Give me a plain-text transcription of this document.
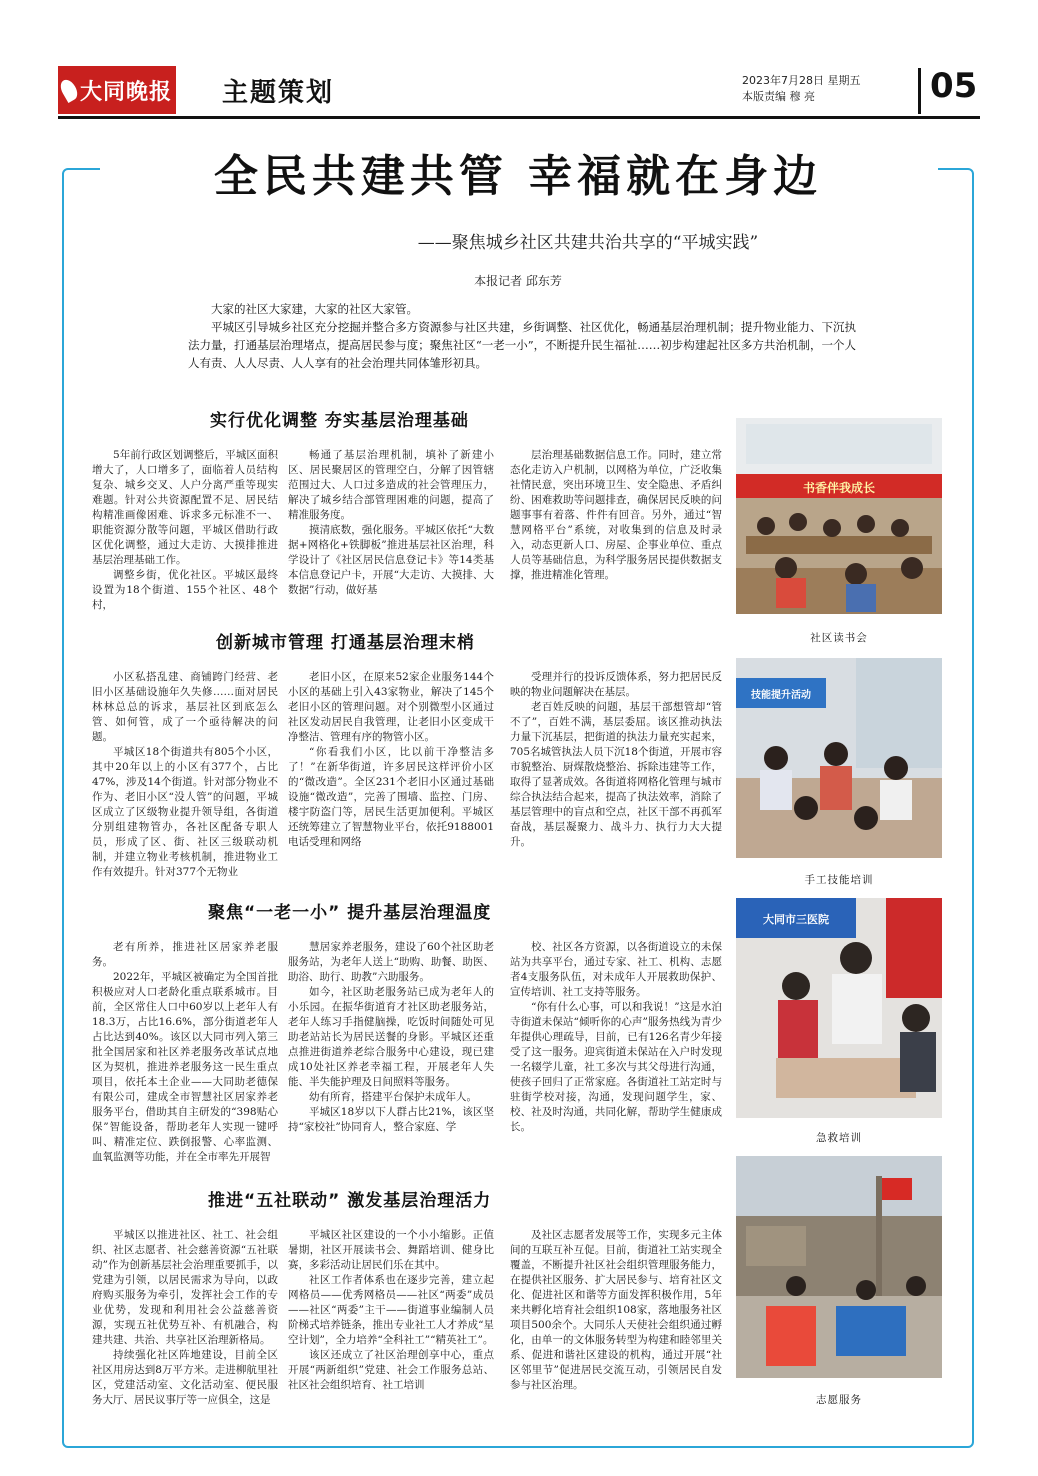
大同晚报 主题策划	2023年7月28日 星期五
本版责编 穆 亮	05
全民共建共管 幸福就在身边
——聚焦城乡社区共建共治共享的“平城实践”
本报记者 邱东芳

大家的社区大家建，大家的社区大家管。

平城区引导城乡社区充分挖掘并整合多方资源参与社区共建，乡街调整、社区优化，畅通基层治理机制；提升物业能力、下沉执法力量，打通基层治理堵点，提高居民参与度；聚焦社区“一老一小”，不断提升民生福祉……初步构建起社区多方共治机制，一个人人有责、人人尽责、人人享有的社会治理共同体雏形初具。

实行优化调整 夯实基层治理基础

5年前行政区划调整后，平城区面积增大了，人口增多了，面临着人员结构复杂、城乡交叉、人户分离严重等现实难题。针对公共资源配置不足、居民结构精准画像困难、诉求多元标准不一、职能资源分散等问题，平城区借助行政区优化调整，通过大走访、大摸排推进基层治理基础工作。

调整乡街，优化社区。平城区最终设置为18个街道、155个社区、48个村，

畅通了基层治理机制，填补了新建小区、居民聚居区的管理空白，分解了因管辖范围过大、人口过多造成的社会管理压力，解决了城乡结合部管理困难的问题，提高了精准服务度。

摸清底数，强化服务。平城区依托“大数据+网格化+铁脚板”推进基层社区治理，科学设计了《社区居民信息登记卡》等14类基本信息登记户卡，开展“大走访、大摸排、大数据”行动，做好基

层治理基础数据信息工作。同时，建立常态化走访入户机制，以网格为单位，广泛收集社情民意，突出环境卫生、安全隐患、矛盾纠纷、困难救助等问题排查，确保居民反映的问题事事有着落、件件有回音。另外，通过“智慧网格平台”系统，对收集到的信息及时录入，动态更新人口、房屋、企事业单位、重点人员等基础信息，为科学服务居民提供数据支撑，推进精准化管理。

创新城市管理 打通基层治理末梢

小区私搭乱建、商铺跨门经营、老旧小区基础设施年久失修……面对居民林林总总的诉求，基层社区到底怎么管、如何管，成了一个亟待解决的问题。

平城区18个街道共有805个小区，其中20年以上的小区有377个，占比47%，涉及14个街道。针对部分物业不作为、老旧小区“没人管”的问题，平城区成立了区级物业提升领导组，各街道分别组建物管办，各社区配备专职人员，形成了区、街、社区三级联动机制，并建立物业考核机制，推进物业工作有效提升。针对377个无物业

老旧小区，在原来52家企业服务144个小区的基础上引入43家物业，解决了145个老旧小区的管理问题。对个别微型小区通过社区发动居民自我管理，让老旧小区变成干净整洁、管理有序的物管小区。

“你看我们小区，比以前干净整洁多了！”在新华街道，许多居民这样评价小区的“微改造”。全区231个老旧小区通过基础设施“微改造”，完善了围墙、监控、门房、楼宇防盗门等，居民生活更加便利。平城区还统筹建立了智慧物业平台，依托9188001电话受理和网络

受理并行的投诉反馈体系，努力把居民反映的物业问题解决在基层。

老百姓反映的问题，基层干部想管却“管不了”，百姓不满，基层委屈。该区推动执法力量下沉基层，把街道的执法力量充实起来，705名城管执法人员下沉18个街道，开展市容市貌整治、厨煤散烧整治、拆除违建等工作，取得了显著成效。各街道将网格化管理与城市综合执法结合起来，提高了执法效率，消除了基层管理中的盲点和空点，社区干部不再孤军奋战，基层凝聚力、战斗力、执行力大大提升。

聚焦“一老一小” 提升基层治理温度

老有所养，推进社区居家养老服务。

2022年，平城区被确定为全国首批积极应对人口老龄化重点联系城市。目前，全区常住人口中60岁以上老年人有18.3万，占比16.6%，部分街道老年人占比达到40%。该区以大同市列入第三批全国居家和社区养老服务改革试点地区为契机，推进养老服务这一民生重点项目，依托本土企业——大同助老德保有限公司，建成全市智慧社区居家养老服务平台，借助其自主研发的“398贴心保”智能设备，帮助老年人实现一键呼叫、精准定位、跌倒报警、心率监测、血氧监测等功能，并在全市率先开展智

慧居家养老服务，建设了60个社区助老服务站，为老年人送上“助购、助餐、助医、助浴、助行、助教”六助服务。

如今，社区助老服务站已成为老年人的小乐园。在振华街道育才社区助老服务站，老年人练习手指健脑操，吃饭时间随处可见助老站站长为居民送餐的身影。平城区还重点推进街道养老综合服务中心建设，现已建成10处社区养老幸福工程，开展老年人失能、半失能护理及日间照料等服务。

幼有所育，搭建平台保护未成年人。

平城区18岁以下人群占比21%，该区坚持“家校社”协同育人，整合家庭、学

校、社区各方资源，以各街道设立的未保站为共享平台，通过专家、社工、机构、志愿者4支服务队伍，对未成年人开展救助保护、宣传培训、社工支持等服务。

“你有什么心事，可以和我说！”这是水泊寺街道未保站“倾听你的心声”服务热线为青少年提供心理疏导，目前，已有126名青少年接受了这一服务。迎宾街道未保站在入户时发现一名辍学儿童，社工多次与其父母进行沟通，使孩子回归了正常家庭。各街道社工站定时与驻街学校对接，沟通，发现问题学生，家、校、社及时沟通，共同化解，帮助学生健康成长。

推进“五社联动” 激发基层治理活力

平城区以推进社区、社工、社会组织、社区志愿者、社会慈善资源“五社联动”作为创新基层社会治理重要抓手，以党建为引领，以居民需求为导向，以政府购买服务为牵引，发挥社会工作的专业优势，发现和利用社会公益慈善资源，实现五社优势互补、有机融合，构建共建、共治、共享社区治理新格局。

持续强化社区阵地建设，目前全区社区用房达到8万平方米。走进柳航里社区，党建活动室、文化活动室、便民服务大厅、居民议事厅等一应俱全，这是

平城区社区建设的一个小小缩影。正值暑期，社区开展读书会、舞蹈培训、健身比赛，多彩活动让居民们乐在其中。

社区工作者体系也在逐步完善，建立起网格员——优秀网格员——社区“两委”成员——社区“两委”主干——街道事业编制人员阶梯式培养链条，推出专业社工人才养成“星空计划”，全力培养“全科社工”“精英社工”。

该区还成立了社区治理创享中心，重点开展“两新组织”党建、社会工作服务总站、社区社会组织培育、社工培训

及社区志愿者发展等工作，实现多元主体间的互联互补互促。目前，街道社工站实现全覆盖，不断提升社区社会组织管理服务能力，在提供社区服务、扩大居民参与、培育社区文化、促进社区和谐等方面发挥积极作用，5年来共孵化培育社会组织108家，落地服务社区项目500余个。大同乐人天使社会组织通过孵化，由单一的文体服务转型为构建和睦邻里关系、促进和谐社区建设的机构，通过开展“社区邻里节”促进居民交流互动，引领居民自发参与社区治理。

书香伴我成长
社区读书会
技能提升活动
手工技能培训
大同市三医院
急救培训
志愿服务
